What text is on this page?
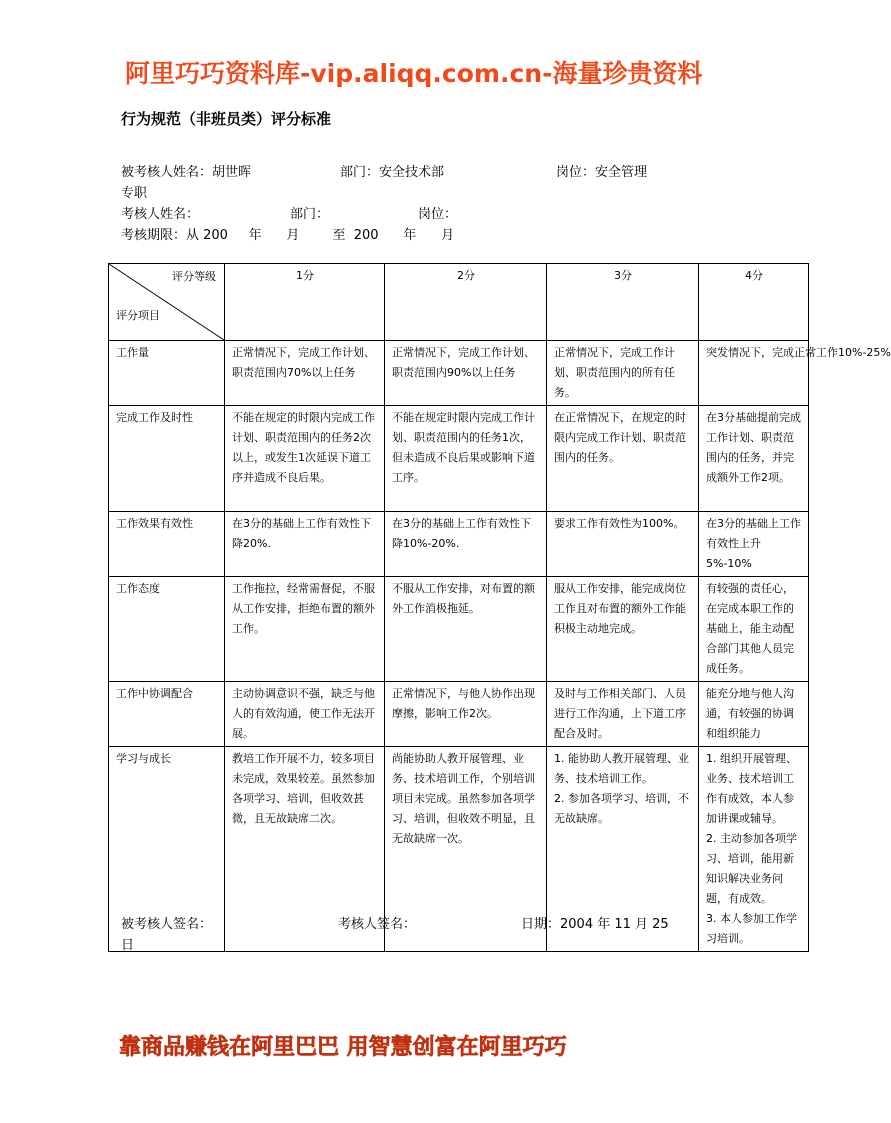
阿里巧巧资料库-vip.aliqq.com.cn-海量珍贵资料
行为规范（非班员类）评分标准
被考核人姓名：胡世晖	部门：安全技术部	岗位：安全管理
专职
考核人姓名：	部门：	岗位：
考核期限：从 200     年      月        至  200      年      月
评分等级
评分项目	1分	2分	3分	4分
工作量	正常情况下，完成工作计划、职责范围内70%以上任务	正常情况下，完成工作计划、职责范围内90%以上任务	正常情况下，完成工作计划、职责范围内的所有任务。	突发情况下，完成正常工作10%-25%
完成工作及时性	不能在规定的时限内完成工作计划、职责范围内的任务2次以上，或发生1次延误下道工序并造成不良后果。	不能在规定时限内完成工作计划、职责范围内的任务1次，但未造成不良后果或影响下道工序。	在正常情况下，在规定的时限内完成工作计划、职责范围内的任务。	在3分基础提前完成工作计划、职责范围内的任务，并完成额外工作2项。
工作效果有效性	在3分的基础上工作有效性下降20%.	在3分的基础上工作有效性下降10%-20%.	要求工作有效性为100%。	在3分的基础上工作有效性上升5%-10%
工作态度	工作拖拉，经常需督促，不服从工作安排，拒绝布置的额外工作。	不服从工作安排，对布置的额外工作消极拖延。	服从工作安排，能完成岗位工作且对布置的额外工作能积极主动地完成。	有较强的责任心，在完成本职工作的基础上，能主动配合部门其他人员完成任务。
工作中协调配合	主动协调意识不强，缺乏与他人的有效沟通，使工作无法开展。	正常情况下，与他人协作出现摩擦，影响工作2次。	及时与工作相关部门、人员进行工作沟通，上下道工序配合及时。	能充分地与他人沟通，有较强的协调和组织能力
学习与成长	教培工作开展不力，较多项目未完成，效果较差。虽然参加各项学习、培训，但收效甚微，且无故缺席二次。	尚能协助人教开展管理、业务、技术培训工作，个别培训项目未完成。虽然参加各项学习、培训，但收效不明显，且无故缺席一次。	1. 能协助人教开展管理、业务、技术培训工作。
2. 参加各项学习、培训，不无故缺席。	1. 组织开展管理、业务、技术培训工作有成效，本人参加讲课或辅导。
2. 主动参加各项学习、培训，能用新知识解决业务问题，有成效。
3. 本人参加工作学习培训。
被考核人签名：	考核人签名：	日期：2004 年 11 月 25
日
靠商品赚钱在阿里巴巴 用智慧创富在阿里巧巧
